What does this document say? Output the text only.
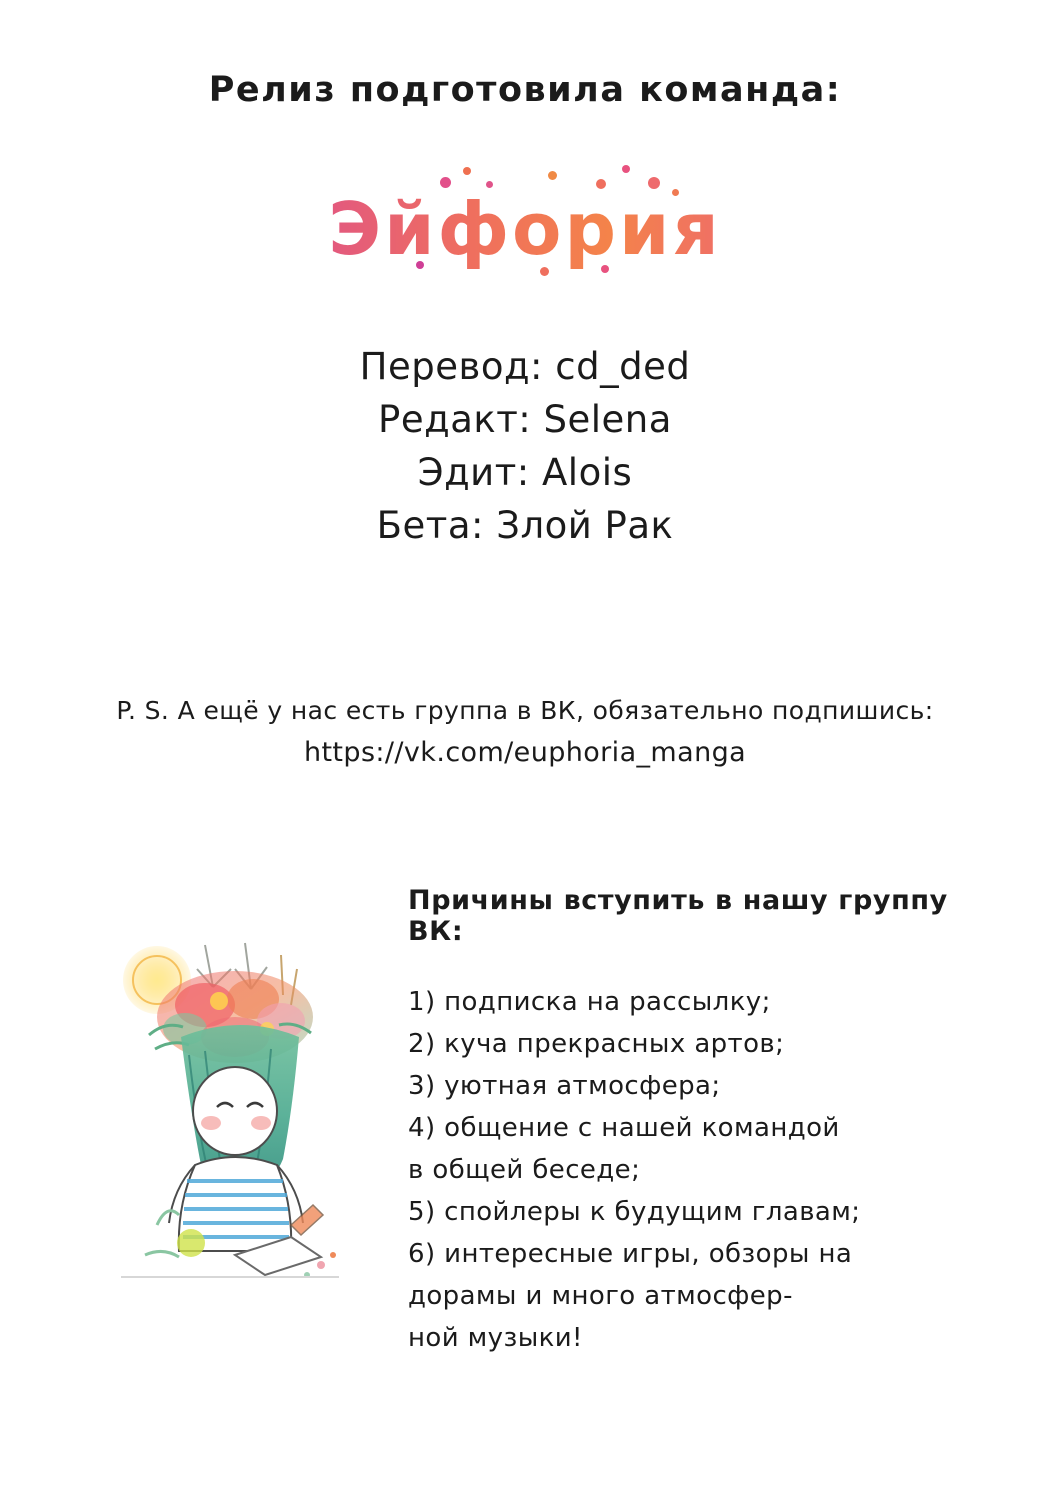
Релиз подготовила команда:
Эйфория
Перевод: cd_ded
Редакт: Selena
Эдит: Alois
Бета: Злой Рак
P. S. А ещё у нас есть группа в ВК, обязательно подпишись:
https://vk.com/euphoria_manga
Причины вступить в нашу группу ВК:
1) подписка на рассылку;
2) куча прекрасных артов;
3) уютная атмосфера;
4) общение с нашей командой
в общей беседе;
5) спойлеры к будущим главам;
6) интересные игры, обзоры на
дорамы и много атмосфер-
ной музыки!
